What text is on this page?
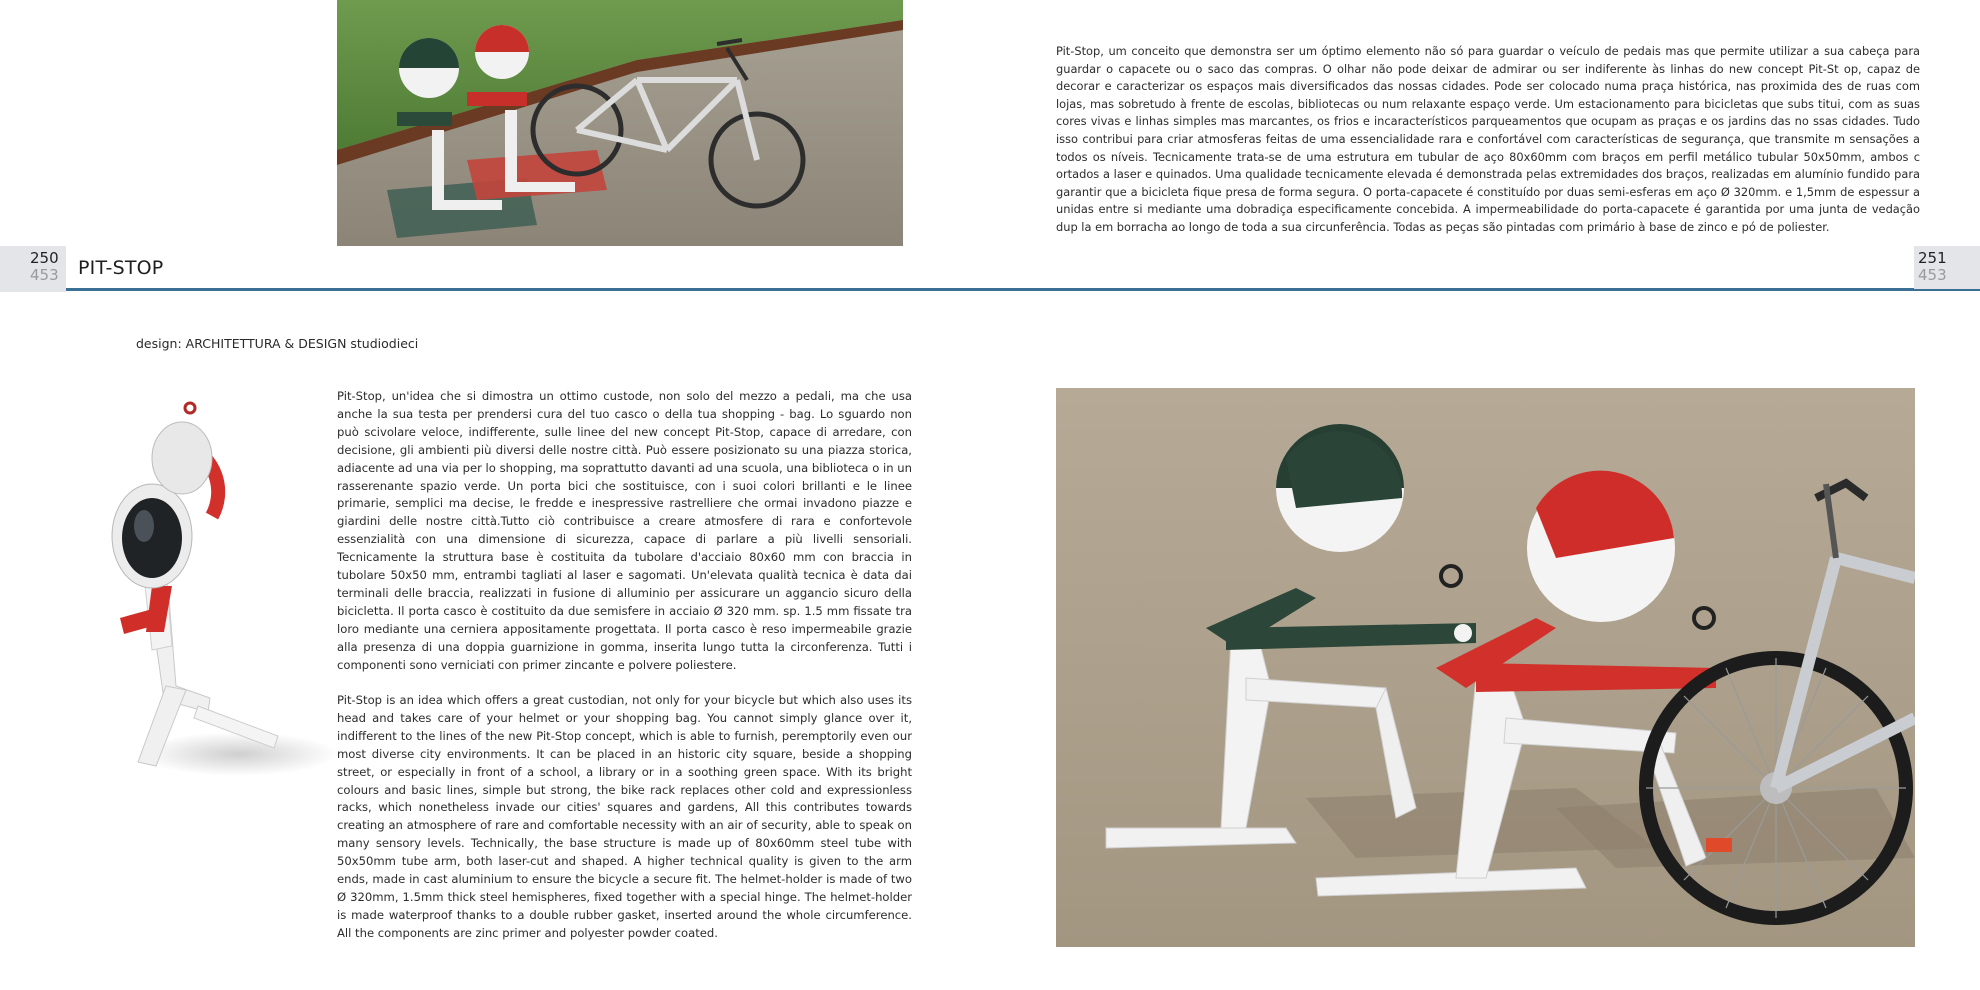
Pit-Stop, um conceito que demonstra ser um óptimo elemento não só para guardar o veículo de pedais mas que permite utilizar a sua cabeça para guardar o capacete ou o saco das compras. O olhar não pode deixar de admirar ou ser indiferente às linhas do new concept Pit-St op, capaz de decorar e caracterizar os espaços mais diversificados das nossas cidades. Pode ser colocado numa praça histórica, nas proximida des de ruas com lojas, mas sobretudo à frente de escolas, bibliotecas ou num relaxante espaço verde. Um estacionamento para bicicletas que subs titui, com as suas cores vivas e linhas simples mas marcantes, os frios e incaracterísticos parqueamentos que ocupam as praças e os jardins das no ssas cidades. Tudo isso contribui para criar atmosferas feitas de uma essencialidade rara e confortável com características de segurança, que transmite m sensações a todos os níveis. Tecnicamente trata-se de uma estrutura em tubular de aço 80x60mm com braços em perfil metálico tubular 50x50mm, ambos c ortados a laser e quinados. Uma qualidade tecnicamente elevada é demonstrada pelas extremidades dos braços, realizadas em alumínio fundido para garantir que a bicicleta fique presa de forma segura. O porta-capacete é constituído por duas semi-esferas em aço Ø 320mm. e 1,5mm de espessur a unidas entre si mediante uma dobradiça especificamente concebida. A impermeabilidade do porta-capacete é garantida por uma junta de vedação dup la em borracha ao longo de toda a sua circunferência. Todas as peças são pintadas com primário à base de zinco e pó de poliester.
250
453 PIT-STOP	251
453
design: ARCHITETTURA & DESIGN studiodieci
Pit-Stop, un'idea che si dimostra un ottimo custode, non solo del mezzo a pedali, ma che usa anche la sua testa per prendersi cura del tuo casco o della tua shopping - bag. Lo sguardo non può scivolare veloce, indifferente, sulle linee del new concept Pit-Stop, capace di arredare, con decisione, gli ambienti più diversi delle nostre città. Può essere posizionato su una piazza storica, adiacente ad una via per lo shopping, ma soprattutto davanti ad una scuola, una biblioteca o in un rasserenante spazio verde. Un porta bici che sostituisce, con i suoi colori brillanti e le linee primarie, semplici ma decise, le fredde e inespressive rastrelliere che ormai invadono piazze e giardini delle nostre città.Tutto ciò contribuisce a creare atmosfere di rara e confortevole essenzialità con una dimensione di sicurezza, capace di parlare a più livelli sensoriali. Tecnicamente la struttura base è costituita da tubolare d'acciaio 80x60 mm con braccia in tubolare 50x50 mm, entrambi tagliati al laser e sagomati. Un'elevata qualità tecnica è data dai terminali delle braccia, realizzati in fusione di alluminio per assicurare un aggancio sicuro della bicicletta. Il porta casco è costituito da due semisfere in acciaio Ø 320 mm. sp. 1.5 mm fissate tra loro mediante una cerniera appositamente progettata. Il porta casco è reso impermeabile grazie alla presenza di una doppia guarnizione in gomma, inserita lungo tutta la circonferenza. Tutti i componenti sono verniciati con primer zincante e polvere poliestere.
Pit-Stop is an idea which offers a great custodian, not only for your bicycle but which also uses its head and takes care of your helmet or your shopping bag. You cannot simply glance over it, indifferent to the lines of the new Pit-Stop concept, which is able to furnish, peremptorily even our most diverse city environments. It can be placed in an historic city square, beside a shopping street, or especially in front of a school, a library or in a soothing green space. With its bright colours and basic lines, simple but strong, the bike rack replaces other cold and expressionless racks, which nonetheless invade our cities' squares and gardens, All this contributes towards creating an atmosphere of rare and comfortable necessity with an air of security, able to speak on many sensory levels. Technically, the base structure is made up of 80x60mm steel tube with 50x50mm tube arm, both laser-cut and shaped. A higher technical quality is given to the arm ends, made in cast aluminium to ensure the bicycle a secure fit. The helmet-holder is made of two Ø 320mm, 1.5mm thick steel hemispheres, fixed together with a special hinge. The helmet-holder is made waterproof thanks to a double rubber gasket, inserted around the whole circumference. All the components are zinc primer and polyester powder coated.
